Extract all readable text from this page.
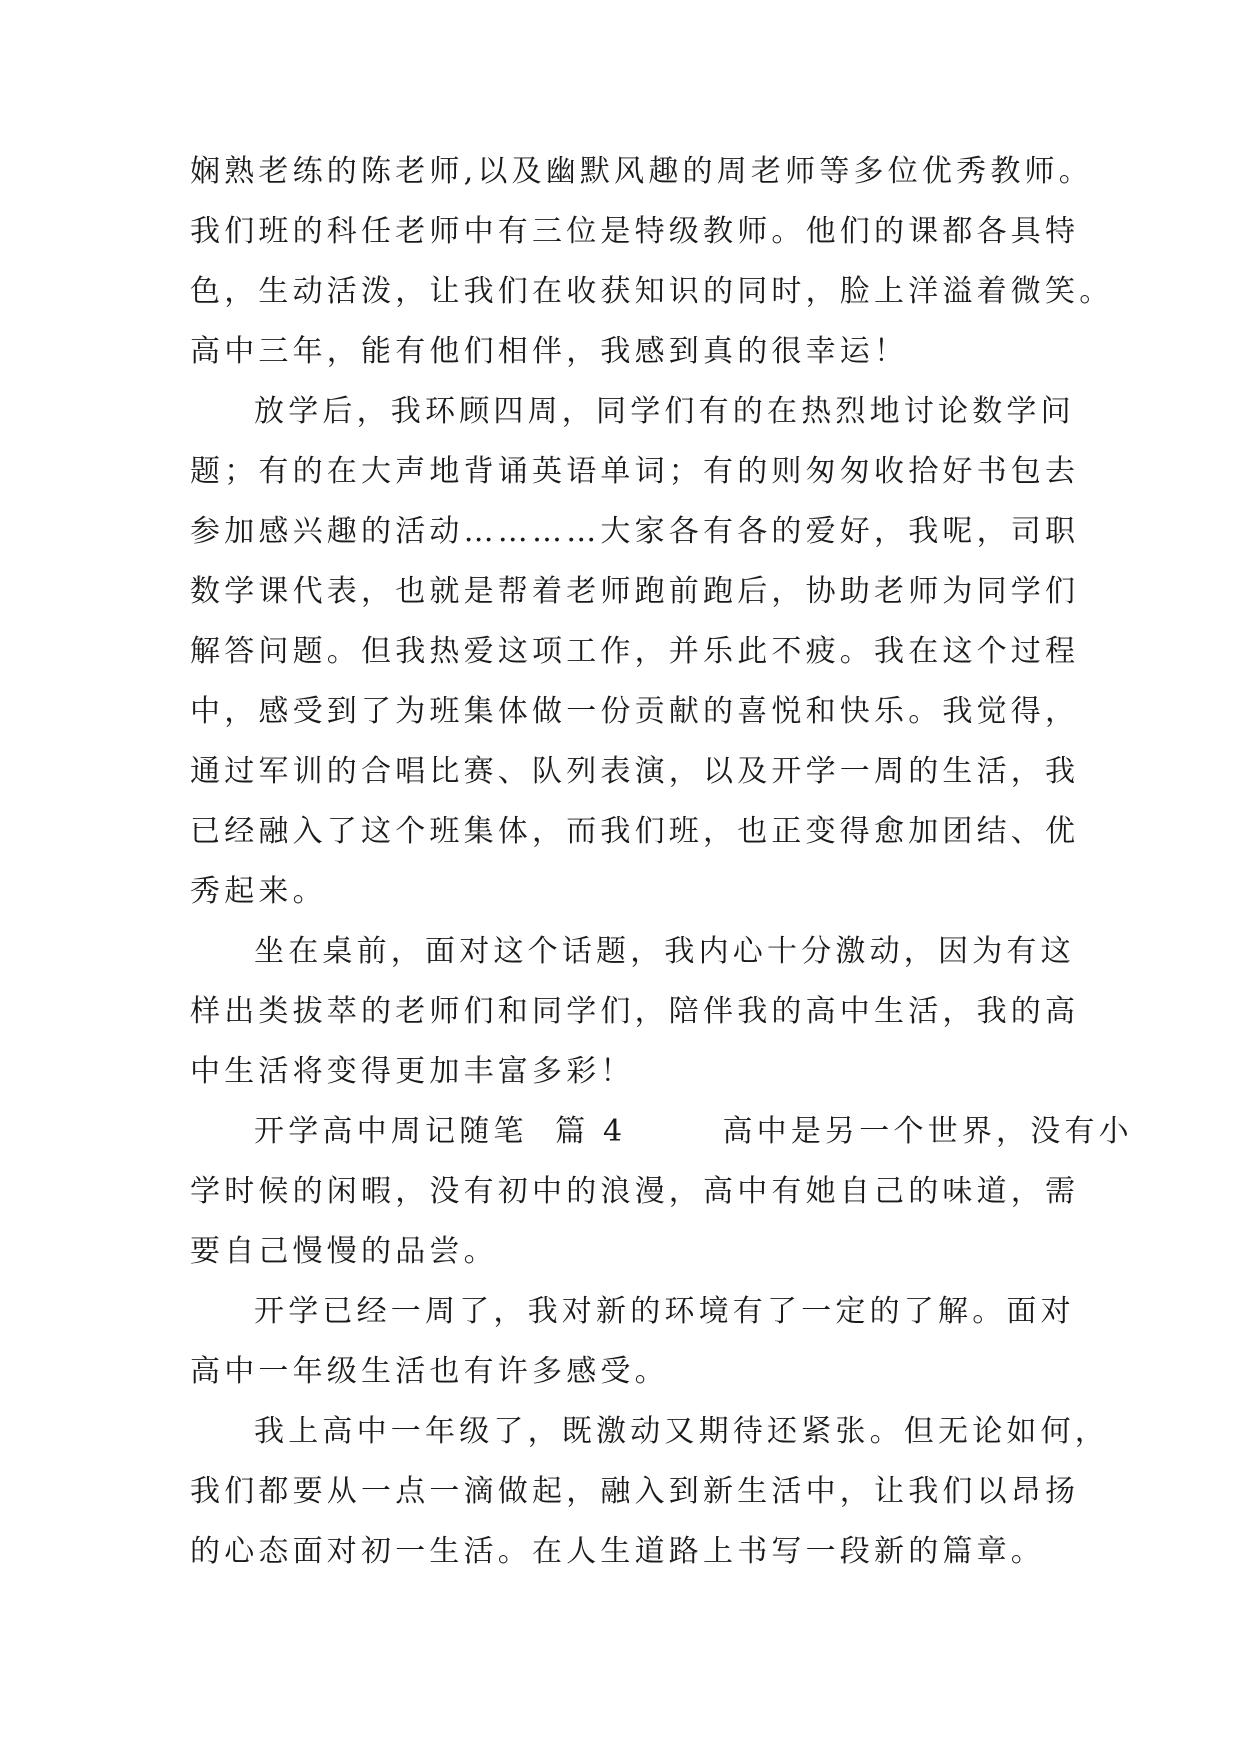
娴熟老练的陈老师,以及幽默风趣的周老师等多位优秀教师。

我们班的科任老师中有三位是特级教师。他们的课都各具特

色，生动活泼，让我们在收获知识的同时，脸上洋溢着微笑。

高中三年，能有他们相伴，我感到真的很幸运！

放学后，我环顾四周，同学们有的在热烈地讨论数学问

题；有的在大声地背诵英语单词；有的则匆匆收拾好书包去

参加感兴趣的活动…………大家各有各的爱好，我呢，司职

数学课代表，也就是帮着老师跑前跑后，协助老师为同学们

解答问题。但我热爱这项工作，并乐此不疲。我在这个过程

中，感受到了为班集体做一份贡献的喜悦和快乐。我觉得，

通过军训的合唱比赛、队列表演，以及开学一周的生活，我

已经融入了这个班集体，而我们班，也正变得愈加团结、优

秀起来。

坐在桌前，面对这个话题，我内心十分激动，因为有这

样出类拔萃的老师们和同学们，陪伴我的高中生活，我的高

中生活将变得更加丰富多彩！

开学高中周记随笔  篇 4       高中是另一个世界，没有小

学时候的闲暇，没有初中的浪漫，高中有她自己的味道，需

要自己慢慢的品尝。

开学已经一周了，我对新的环境有了一定的了解。面对

高中一年级生活也有许多感受。

我上高中一年级了，既激动又期待还紧张。但无论如何，

我们都要从一点一滴做起，融入到新生活中，让我们以昂扬

的心态面对初一生活。在人生道路上书写一段新的篇章。
